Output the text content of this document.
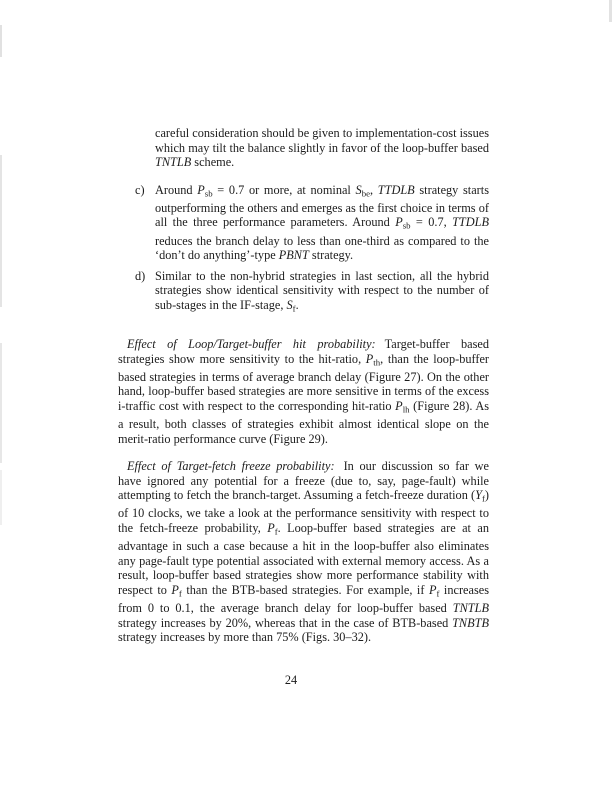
careful consideration should be given to implementation-cost issues which may tilt the balance slightly in favor of the loop-buffer based TNTLB scheme.

c) Around $P_{sb} = 0.7$ or more, at nominal $S_{be}$, TTDLB strategy starts outperforming the others and emerges as the first choice in terms of all the three performance parameters. Around $P_{sb} = 0.7$, TTDLB reduces the branch delay to less than one-third as compared to the ‘don’t do anything’-type PBNT strategy.

d) Similar to the non-hybrid strategies in last section, all the hybrid strategies show identical sensitivity with respect to the number of sub-stages in the IF-stage, $S_f$.

Effect of Loop/Target-buffer hit probability: Target-buffer based strategies show more sensitivity to the hit-ratio, $P_{th}$, than the loop-buffer based strategies in terms of average branch delay (Figure 27). On the other hand, loop-buffer based strategies are more sensitive in terms of the excess i-traffic cost with respect to the corresponding hit-ratio $P_{lh}$ (Figure 28). As a result, both classes of strategies exhibit almost identical slope on the merit-ratio performance curve (Figure 29).

Effect of Target-fetch freeze probability: In our discussion so far we have ignored any potential for a freeze (due to, say, page-fault) while attempting to fetch the branch-target. Assuming a fetch-freeze duration $(Y_f)$ of 10 clocks, we take a look at the performance sensitivity with respect to the fetch-freeze probability, $P_f$. Loop-buffer based strategies are at an advantage in such a case because a hit in the loop-buffer also eliminates any page-fault type potential associated with external memory access. As a result, loop-buffer based strategies show more performance stability with respect to $P_f$ than the BTB-based strategies. For example, if $P_f$ increases from 0 to 0.1, the average branch delay for loop-buffer based TNTLB strategy increases by 20%, whereas that in the case of BTB-based TNBTB strategy increases by more than 75% (Figs. 30–32).

24
